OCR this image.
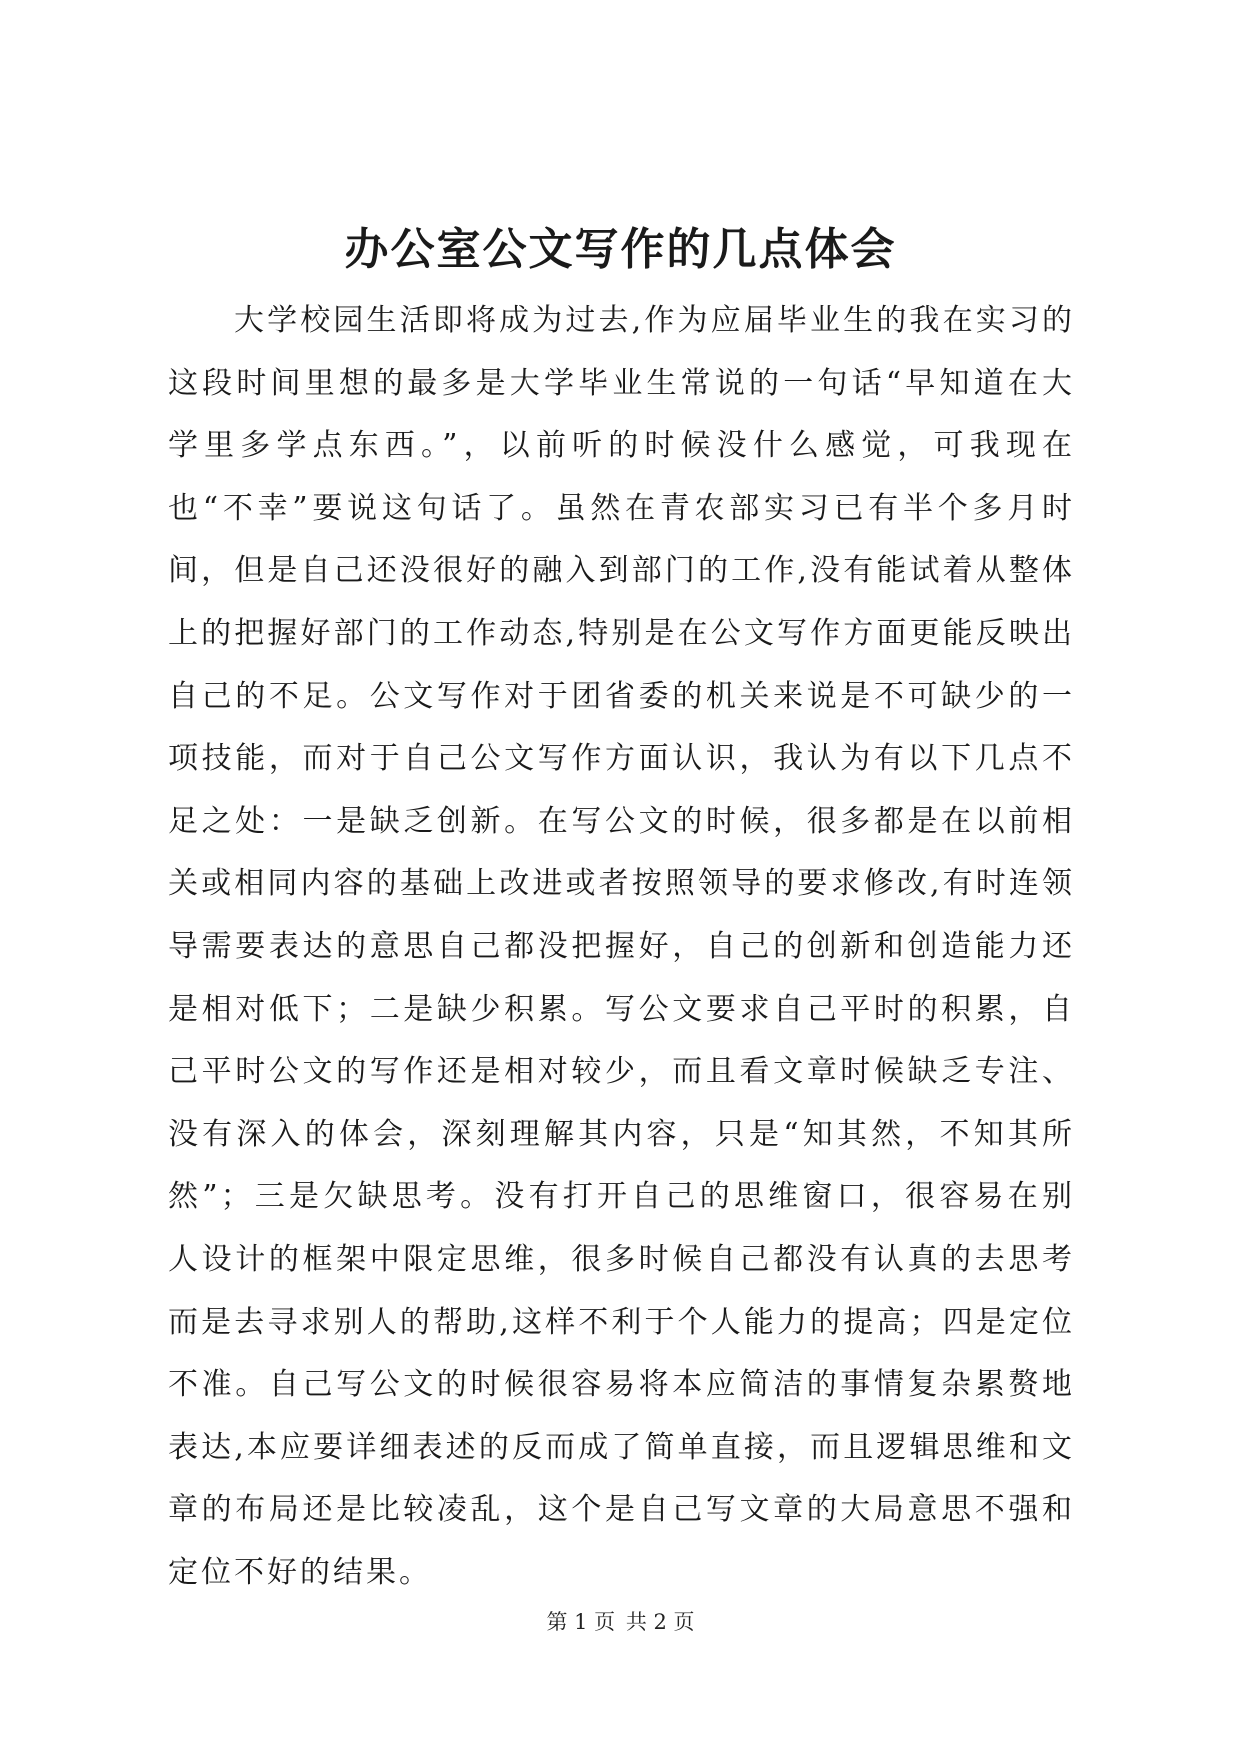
办公室公文写作的几点体会

大学校园生活即将成为过去,作为应届毕业生的我在实习的这段时间里想的最多是大学毕业生常说的一句话“早知道在大学里多学点东西。”，以前听的时候没什么感觉，可我现在也“不幸”要说这句话了。虽然在青农部实习已有半个多月时间，但是自己还没很好的融入到部门的工作,没有能试着从整体上的把握好部门的工作动态,特别是在公文写作方面更能反映出自己的不足。公文写作对于团省委的机关来说是不可缺少的一项技能，而对于自己公文写作方面认识，我认为有以下几点不足之处：一是缺乏创新。在写公文的时候，很多都是在以前相关或相同内容的基础上改进或者按照领导的要求修改,有时连领导需要表达的意思自己都没把握好，自己的创新和创造能力还是相对低下；二是缺少积累。写公文要求自己平时的积累，自己平时公文的写作还是相对较少，而且看文章时候缺乏专注、没有深入的体会，深刻理解其内容，只是“知其然，不知其所然”；三是欠缺思考。没有打开自己的思维窗口，很容易在别人设计的框架中限定思维，很多时候自己都没有认真的去思考而是去寻求别人的帮助,这样不利于个人能力的提高；四是定位不准。自己写公文的时候很容易将本应简洁的事情复杂累赘地表达,本应要详细表述的反而成了简单直接，而且逻辑思维和文章的布局还是比较凌乱，这个是自己写文章的大局意思不强和定位不好的结果。

第 1 页 共 2 页
